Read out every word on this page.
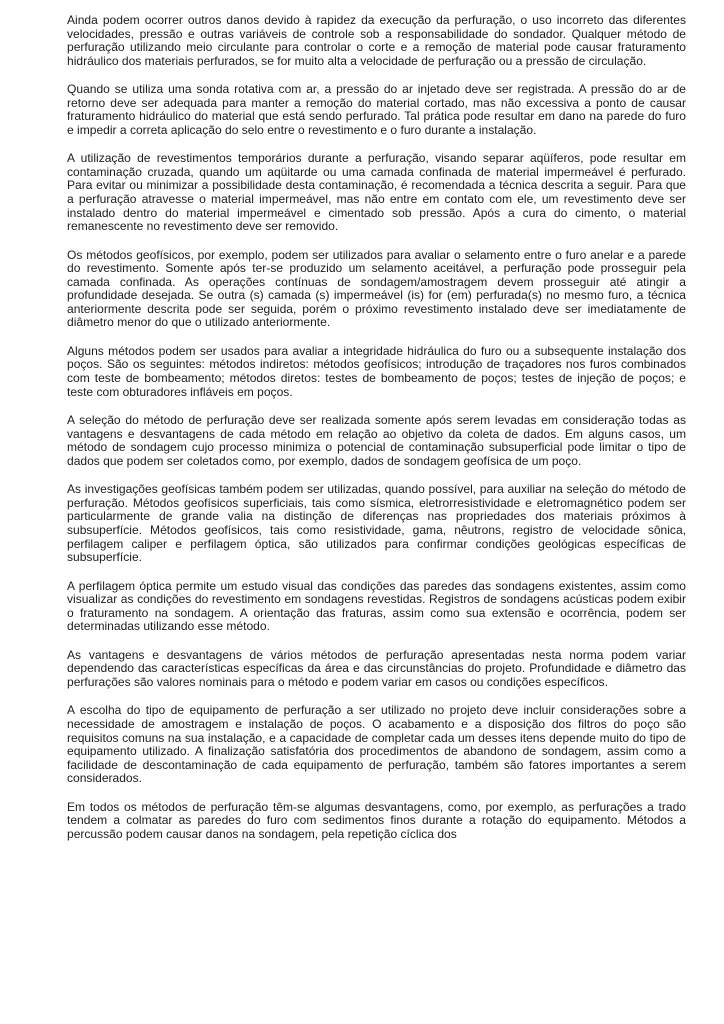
Ainda podem ocorrer outros danos devido à rapidez da execução da perfuração, o uso incorreto das diferentes velocidades, pressão e outras variáveis de controle sob a responsabilidade do sondador. Qualquer método de perfuração utilizando meio circulante para controlar o corte e a remoção de material pode causar fraturamento hidráulico dos materiais perfurados, se for muito alta a velocidade de perfuração ou a pressão de circulação.

Quando se utiliza uma sonda rotativa com ar, a pressão do ar injetado deve ser registrada. A pressão do ar de retorno deve ser adequada para manter a remoção do material cortado, mas não excessiva a ponto de causar fraturamento hidráulico do material que está sendo perfurado. Tal prática pode resultar em dano na parede do furo e impedir a correta aplicação do selo entre o revestimento e o furo durante a instalação.

A utilização de revestimentos temporários durante a perfuração, visando separar aqüíferos, pode resultar em contaminação cruzada, quando um aqüitarde ou uma camada confinada de material impermeável é perfurado. Para evitar ou minimizar a possibilidade desta contaminação, é recomendada a técnica descrita a seguir. Para que a perfuração atravesse o material impermeável, mas não entre em contato com ele, um revestimento deve ser instalado dentro do material impermeável e cimentado sob pressão. Após a cura do cimento, o material remanescente no revestimento deve ser removido.

Os métodos geofísicos, por exemplo, podem ser utilizados para avaliar o selamento entre o furo anelar e a parede do revestimento. Somente após ter-se produzido um selamento aceitável, a perfuração pode prosseguir pela camada confinada. As operações contínuas de sondagem/amostragem devem prosseguir até atingir a profundidade desejada. Se outra (s) camada (s) impermeável (is) for (em) perfurada(s) no mesmo furo, a técnica anteriormente descrita pode ser seguida, porém o próximo revestimento instalado deve ser imediatamente de diâmetro menor do que o utilizado anteriormente.

Alguns métodos podem ser usados para avaliar a integridade hidráulica do furo ou a subsequente instalação dos poços. São os seguintes: métodos indiretos: métodos geofísicos; introdução de traçadores nos furos combinados com teste de bombeamento; métodos diretos: testes de bombeamento de poços; testes de injeção de poços; e teste com obturadores infláveis em poços.

A seleção do método de perfuração deve ser realizada somente após serem levadas em consideração todas as vantagens e desvantagens de cada método em relação ao objetivo da coleta de dados. Em alguns casos, um método de sondagem cujo processo minimiza o potencial de contaminação subsuperficial pode limitar o tipo de dados que podem ser coletados como, por exemplo, dados de sondagem geofísica de um poço.

As investigações geofísicas também podem ser utilizadas, quando possível, para auxiliar na seleção do método de perfuração. Métodos geofísicos superficiais, tais como sísmica, eletrorresistividade e eletromagnético podem ser particularmente de grande valia na distinção de diferenças nas propriedades dos materiais próximos à subsuperfície. Métodos geofísicos, tais como resistividade, gama, nêutrons, registro de velocidade sônica, perfilagem caliper e perfilagem óptica, são utilizados para confirmar condições geológicas específicas de subsuperfície.

A perfilagem óptica permite um estudo visual das condições das paredes das sondagens existentes, assim como visualizar as condições do revestimento em sondagens revestidas. Registros de sondagens acústicas podem exibir o fraturamento na sondagem. A orientação das fraturas, assim como sua extensão e ocorrência, podem ser determinadas utilizando esse método.

As vantagens e desvantagens de vários métodos de perfuração apresentadas nesta norma podem variar dependendo das características específicas da área e das circunstâncias do projeto. Profundidade e diâmetro das perfurações são valores nominais para o método e podem variar em casos ou condições específicos.

A escolha do tipo de equipamento de perfuração a ser utilizado no projeto deve incluir considerações sobre a necessidade de amostragem e instalação de poços. O acabamento e a disposição dos filtros do poço são requisitos comuns na sua instalação, e a capacidade de completar cada um desses itens depende muito do tipo de equipamento utilizado. A finalização satisfatória dos procedimentos de abandono de sondagem, assim como a facilidade de descontaminação de cada equipamento de perfuração, também são fatores importantes a serem considerados.

Em todos os métodos de perfuração têm-se algumas desvantagens, como, por exemplo, as perfurações a trado tendem a colmatar as paredes do furo com sedimentos finos durante a rotação do equipamento. Métodos a percussão podem causar danos na sondagem, pela repetição cíclica dos
